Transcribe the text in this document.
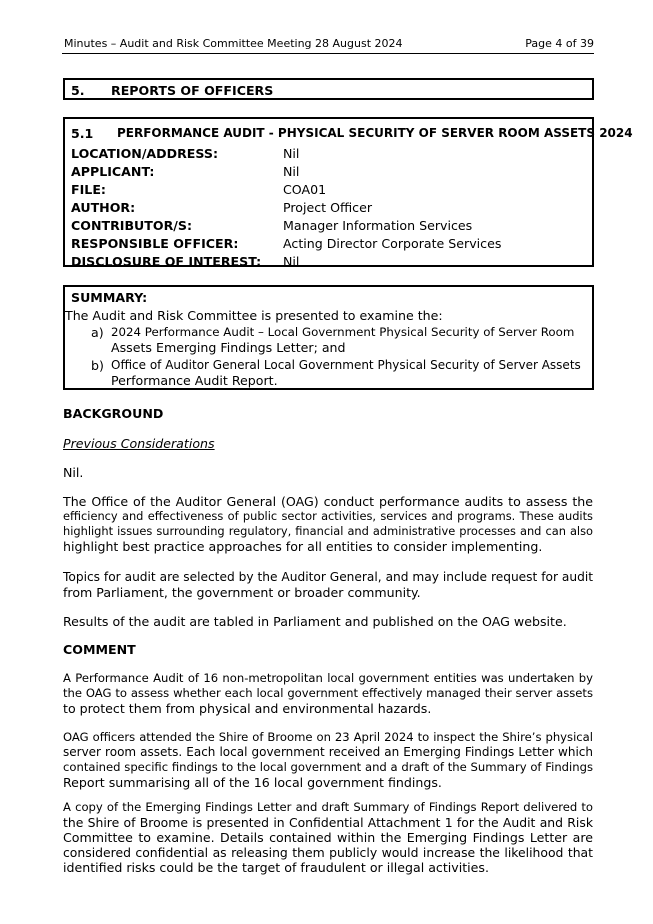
Minutes – Audit and Risk Committee Meeting 28 August 2024	Page 4 of 39
5. REPORTS OF OFFICERS
5.1 PERFORMANCE AUDIT - PHYSICAL SECURITY OF SERVER ROOM ASSETS 2024
LOCATION/ADDRESS:	Nil
APPLICANT:	Nil
FILE:	COA01
AUTHOR:	Project Officer
CONTRIBUTOR/S:	Manager Information Services
RESPONSIBLE OFFICER:	Acting Director Corporate Services
DISCLOSURE OF INTEREST: Nil
SUMMARY:
The Audit and Risk Committee is presented to examine the:
a) 2024 Performance Audit – Local Government Physical Security of Server Room
Assets Emerging Findings Letter; and
b) Office of Auditor General Local Government Physical Security of Server Assets
Performance Audit Report.
BACKGROUND
Previous Considerations
Nil.
The Office of the Auditor General (OAG) conduct performance audits to assess the
efficiency and effectiveness of public sector activities, services and programs. These audits
highlight issues surrounding regulatory, financial and administrative processes and can also
highlight best practice approaches for all entities to consider implementing.
Topics for audit are selected by the Auditor General, and may include request for audit
from Parliament, the government or broader community.
Results of the audit are tabled in Parliament and published on the OAG website.
COMMENT
A Performance Audit of 16 non-metropolitan local government entities was undertaken by
the OAG to assess whether each local government effectively managed their server assets
to protect them from physical and environmental hazards.
OAG officers attended the Shire of Broome on 23 April 2024 to inspect the Shire’s physical
server room assets. Each local government received an Emerging Findings Letter which
contained specific findings to the local government and a draft of the Summary of Findings
Report summarising all of the 16 local government findings.
A copy of the Emerging Findings Letter and draft Summary of Findings Report delivered to
the Shire of Broome is presented in Confidential Attachment 1 for the Audit and Risk
Committee to examine. Details contained within the Emerging Findings Letter are
considered confidential as releasing them publicly would increase the likelihood that
identified risks could be the target of fraudulent or illegal activities.
